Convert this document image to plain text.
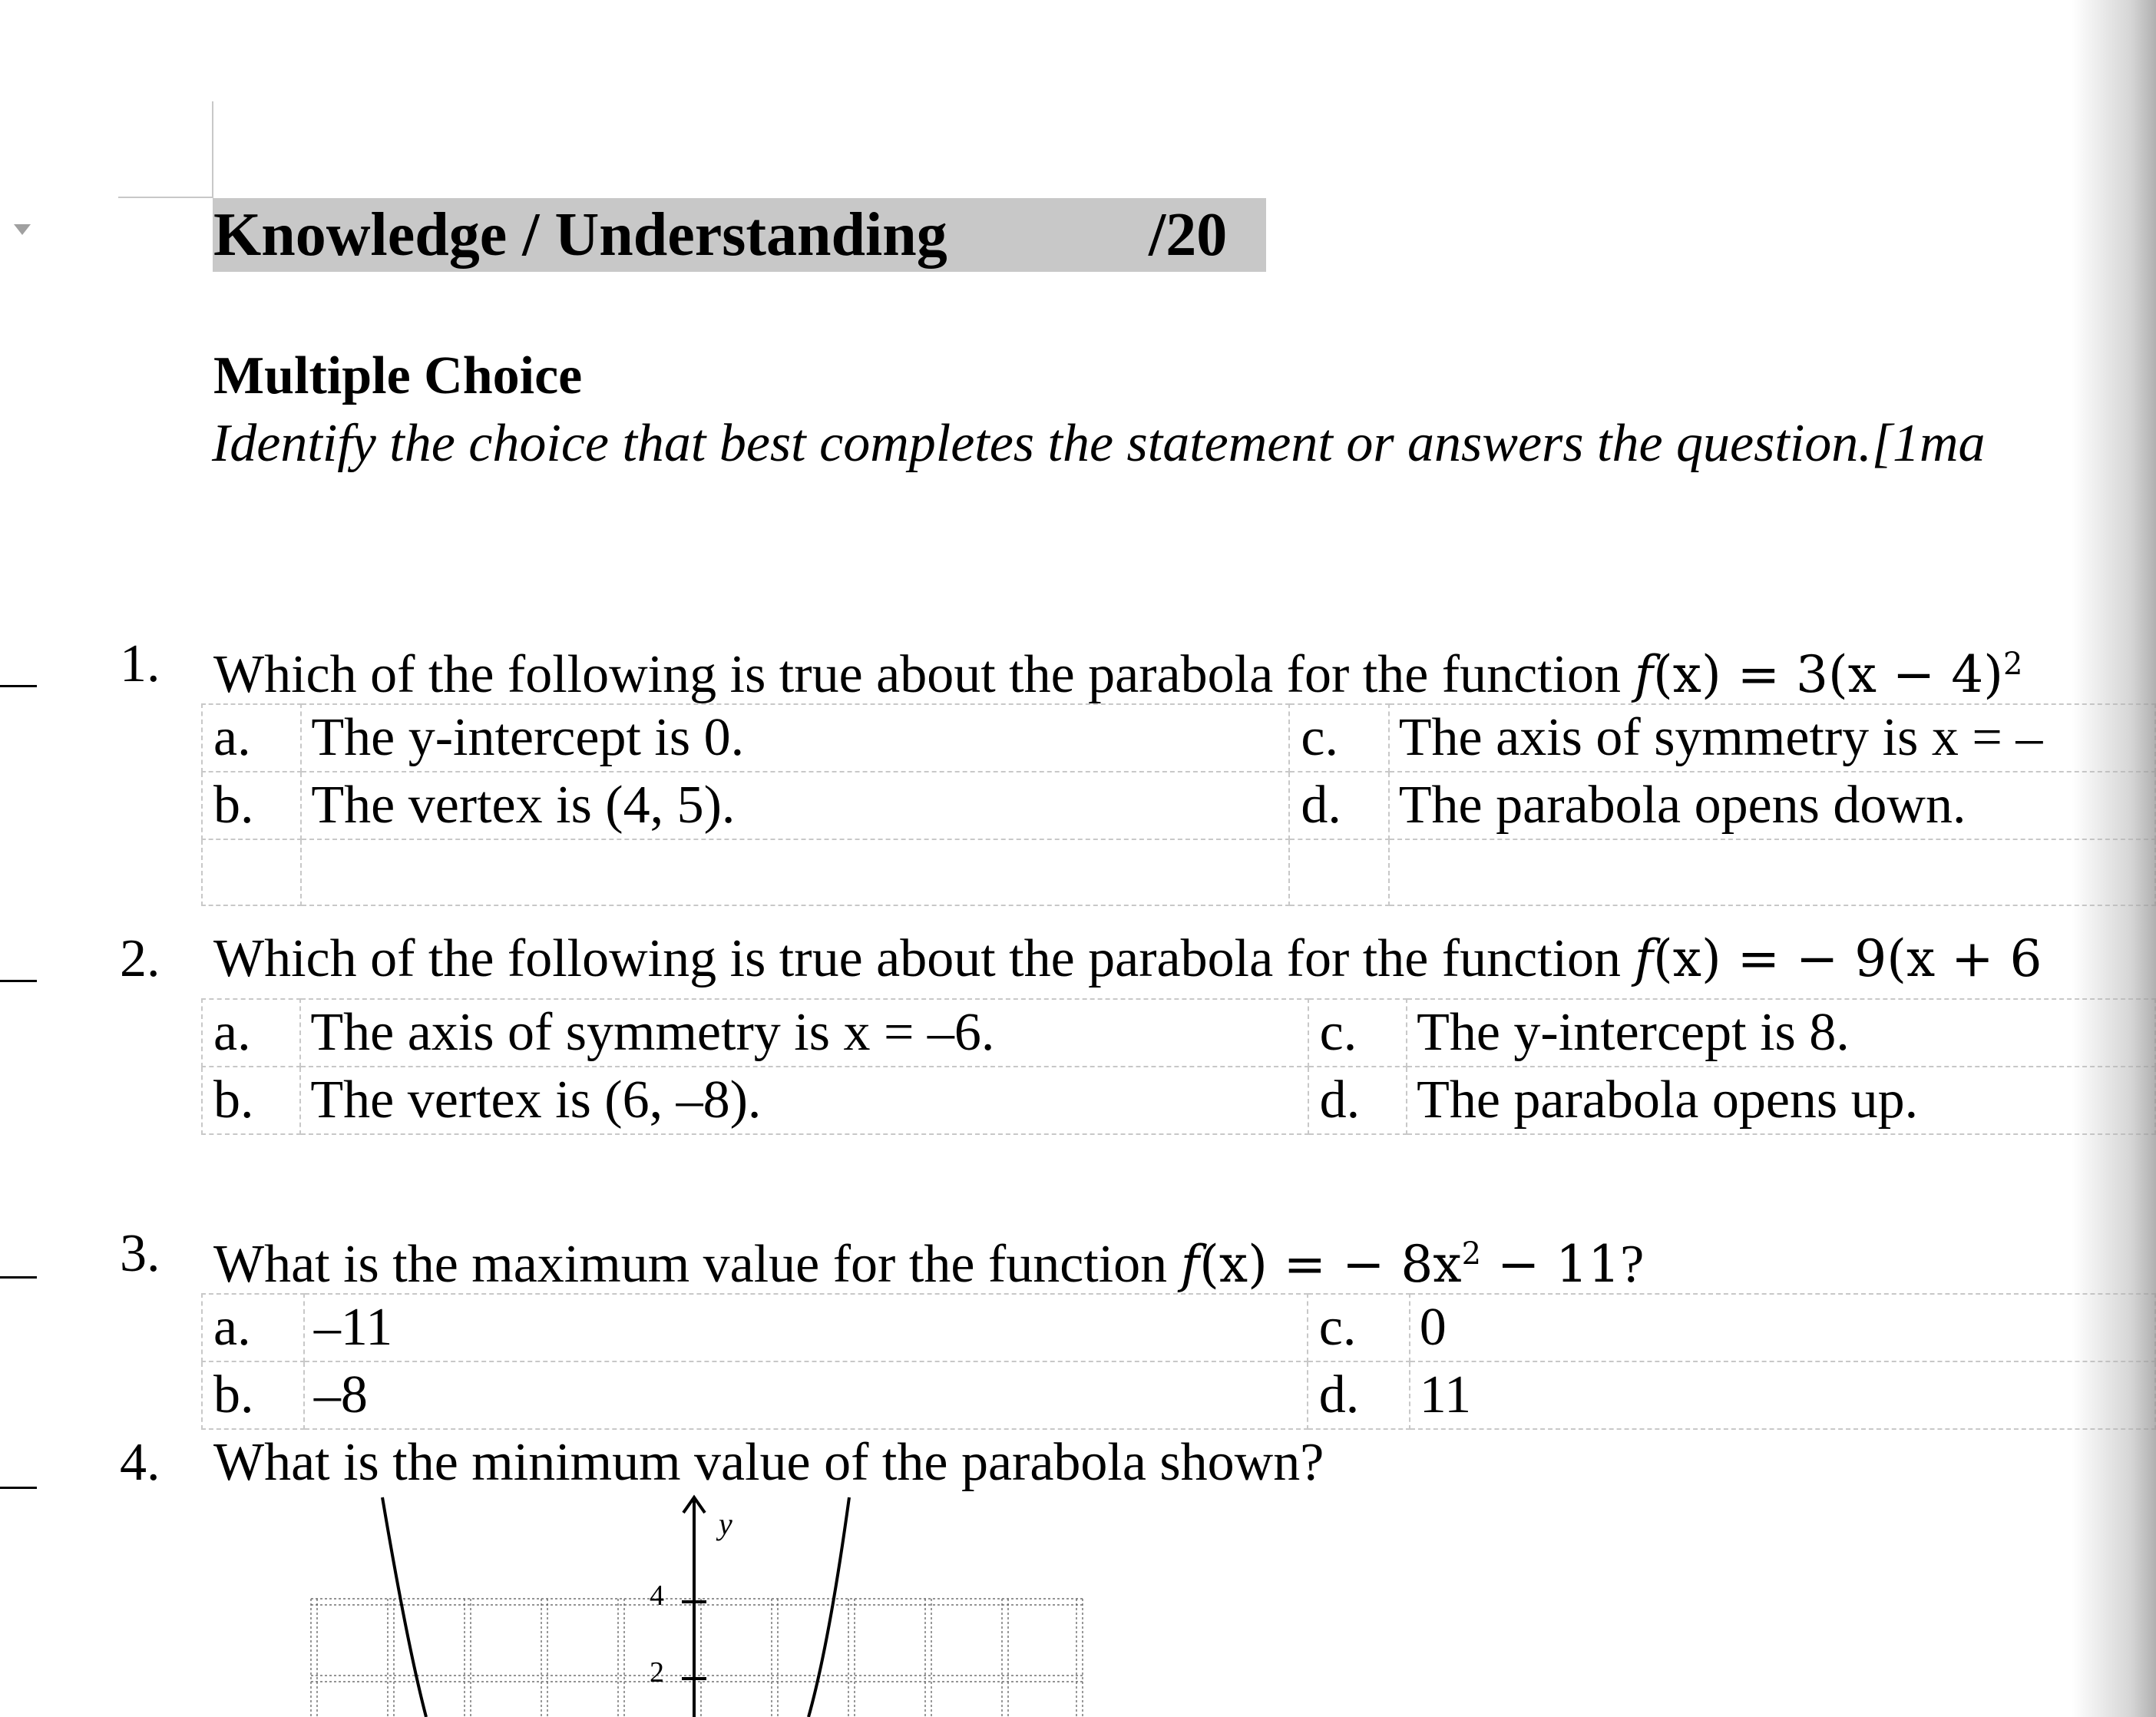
Knowledge / Understanding	/20
Multiple Choice
Identify the choice that best completes the statement or answers the question.[1ma
1. Which of the following is true about the parabola for the function $f(x) = 3(x - 4)^2$
a.	The y-intercept is 0.	c.	The axis of symmetry is x = –
b.	The vertex is (4, 5).	d.	The parabola opens down.

2. Which of the following is true about the parabola for the function f(x) = − 9(x + 6
a.	The axis of symmetry is x = –6.	c.	The y-intercept is 8.
b.	The vertex is (6, –8).	d.	The parabola opens up.
3. What is the maximum value for the function f(x) = − $8x^2 - 11$?
a.	–11	c.	0
b.	–8	d.	11
4. What is the minimum value of the parabola shown?
y
4
2
